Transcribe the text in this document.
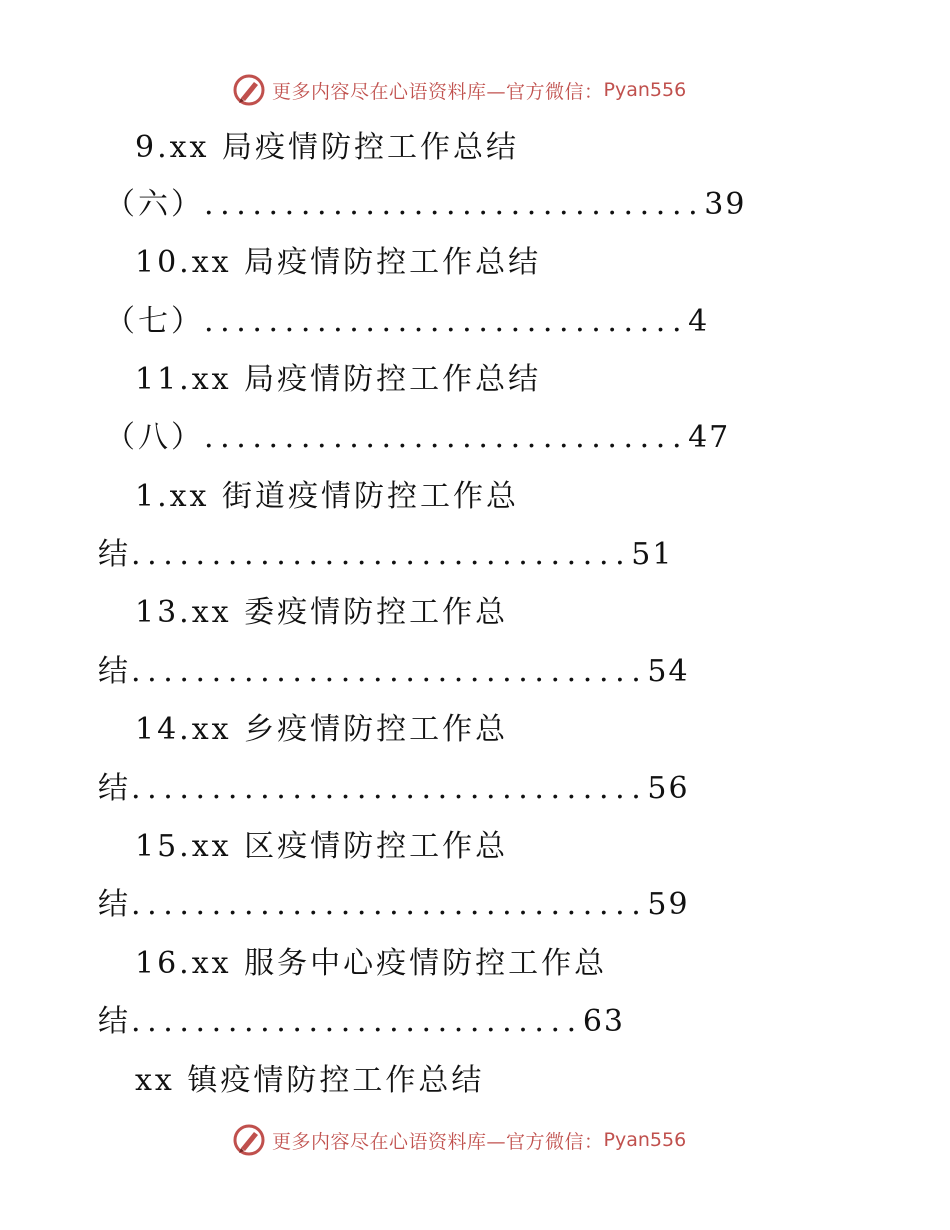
更多内容尽在心语资料库—官方微信： Pyan556
9.xx 局疫情防控工作总结
（六） ............................... 39
10.xx 局疫情防控工作总结
（七） .............................. 4
11.xx 局疫情防控工作总结
（八） .............................. 47
1.xx 街道疫情防控工作总
结 ............................... 51
13.xx 委疫情防控工作总
结 ................................ 54
14.xx 乡疫情防控工作总
结 ................................ 56
15.xx 区疫情防控工作总
结 ................................ 59
16.xx 服务中心疫情防控工作总
结 ............................ 63
xx 镇疫情防控工作总结
更多内容尽在心语资料库—官方微信： Pyan556
